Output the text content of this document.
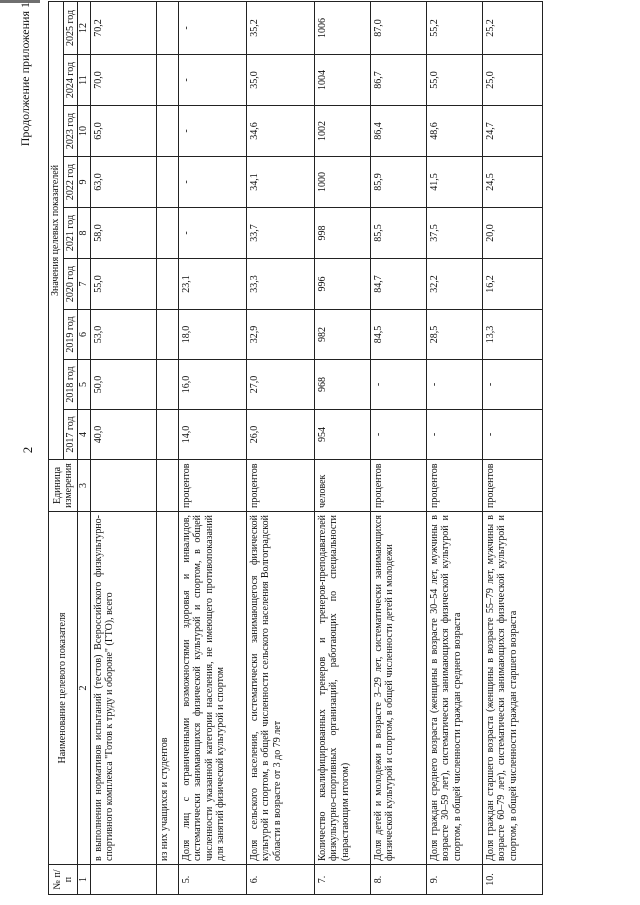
2
Продолжение приложения 1
№ п/п	Наименование целевого показателя	Единица измерения	Значения целевых показателей								
			2017 год	2018 год	2019 год	2020 год	2021 год	2022 год	2023 год	2024 год	2025 год
1	2	3	4	5	6	7	8	9	10	11	12
	в выполнении нормативов испытаний (тестов) Всероссийского физкультурно-спортивного комплекса "Готов к труду и обороне" (ГТО), всего		40,0	50,0	53,0	55,0	58,0	63,0	65,0	70,0	70,2
	из них учащихся и студентов										
5.	Доля лиц с ограниченными возможностями здоровья и инвалидов, систематически занимающихся физической культурой и спортом, в общей численности указанной категории населения, не имеющего противопоказаний для занятий физической культурой и спортом	процентов	14,0	16,0	18,0	23,1	-	-	-	-	-
6.	Доля сельского населения, систематически занимающегося физической культурой и спортом, в общей численности сельского населения Волгоградской области в возрасте от 3 до 79 лет	процентов	26,0	27,0	32,9	33,3	33,7	34,1	34,6	35,0	35,2
7.	Количество квалифицированных тренеров и тренеров-преподавателей физкультурно-спортивных организаций, работающих по специальности (нарастающим итогом)	человек	954	968	982	996	998	1000	1002	1004	1006
8.	Доля детей и молодежи в возрасте 3–29 лет, систематически занимающихся физической культурой и спортом, в общей численности детей и молодежи	процентов	-	-	84,5	84,7	85,5	85,9	86,4	86,7	87,0
9.	Доля граждан среднего возраста (женщины в возрасте 30–54 лет, мужчины в возрасте 30–59 лет), систематически занимающихся физической культурой и спортом, в общей численности граждан среднего возраста	процентов	-	-	28,5	32,2	37,5	41,5	48,6	55,0	55,2
10.	Доля граждан старшего возраста (женщины в возрасте 55–79 лет, мужчины в возрасте 60–79 лет), систематически занимающихся физической культурой и спортом, в общей численности граждан старшего возраста	процентов	-	-	13,3	16,2	20,0	24,5	24,7	25,0	25,2
